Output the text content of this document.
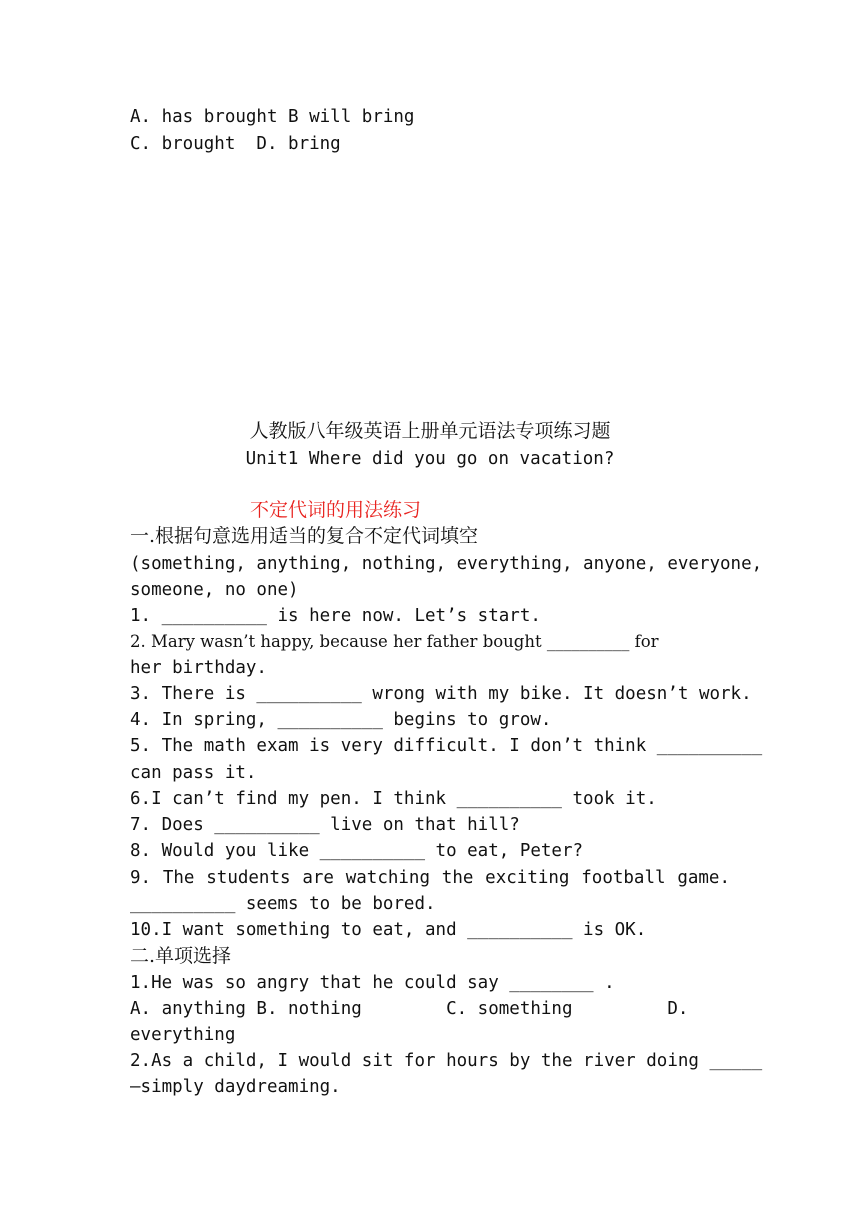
A. has brought B will bring
C. brought  D. bring
人教版八年级英语上册单元语法专项练习题
Unit1 Where did you go on vacation?
不定代词的用法练习
一.根据句意选用适当的复合不定代词填空
(something, anything, nothing, everything, anyone, everyone,
someone, no one)
1. __________ is here now. Let’s start.
2. Mary wasn’t happy, because her father bought __________ for
her birthday.
3. There is __________ wrong with my bike. It doesn’t work.
4. In spring, __________ begins to grow.
5. The math exam is very difficult. I don’t think __________
can pass it.
6.I can’t find my pen. I think __________ took it.
7. Does __________ live on that hill?
8. Would you like __________ to eat, Peter?
9. The students are watching the exciting football game.
__________ seems to be bored.
10.I want something to eat, and __________ is OK.
二.单项选择
1.He was so angry that he could say ________ .
A. anything B. nothing        C. something         D.
everything
2.As a child, I would sit for hours by the river doing _____
—simply daydreaming.
